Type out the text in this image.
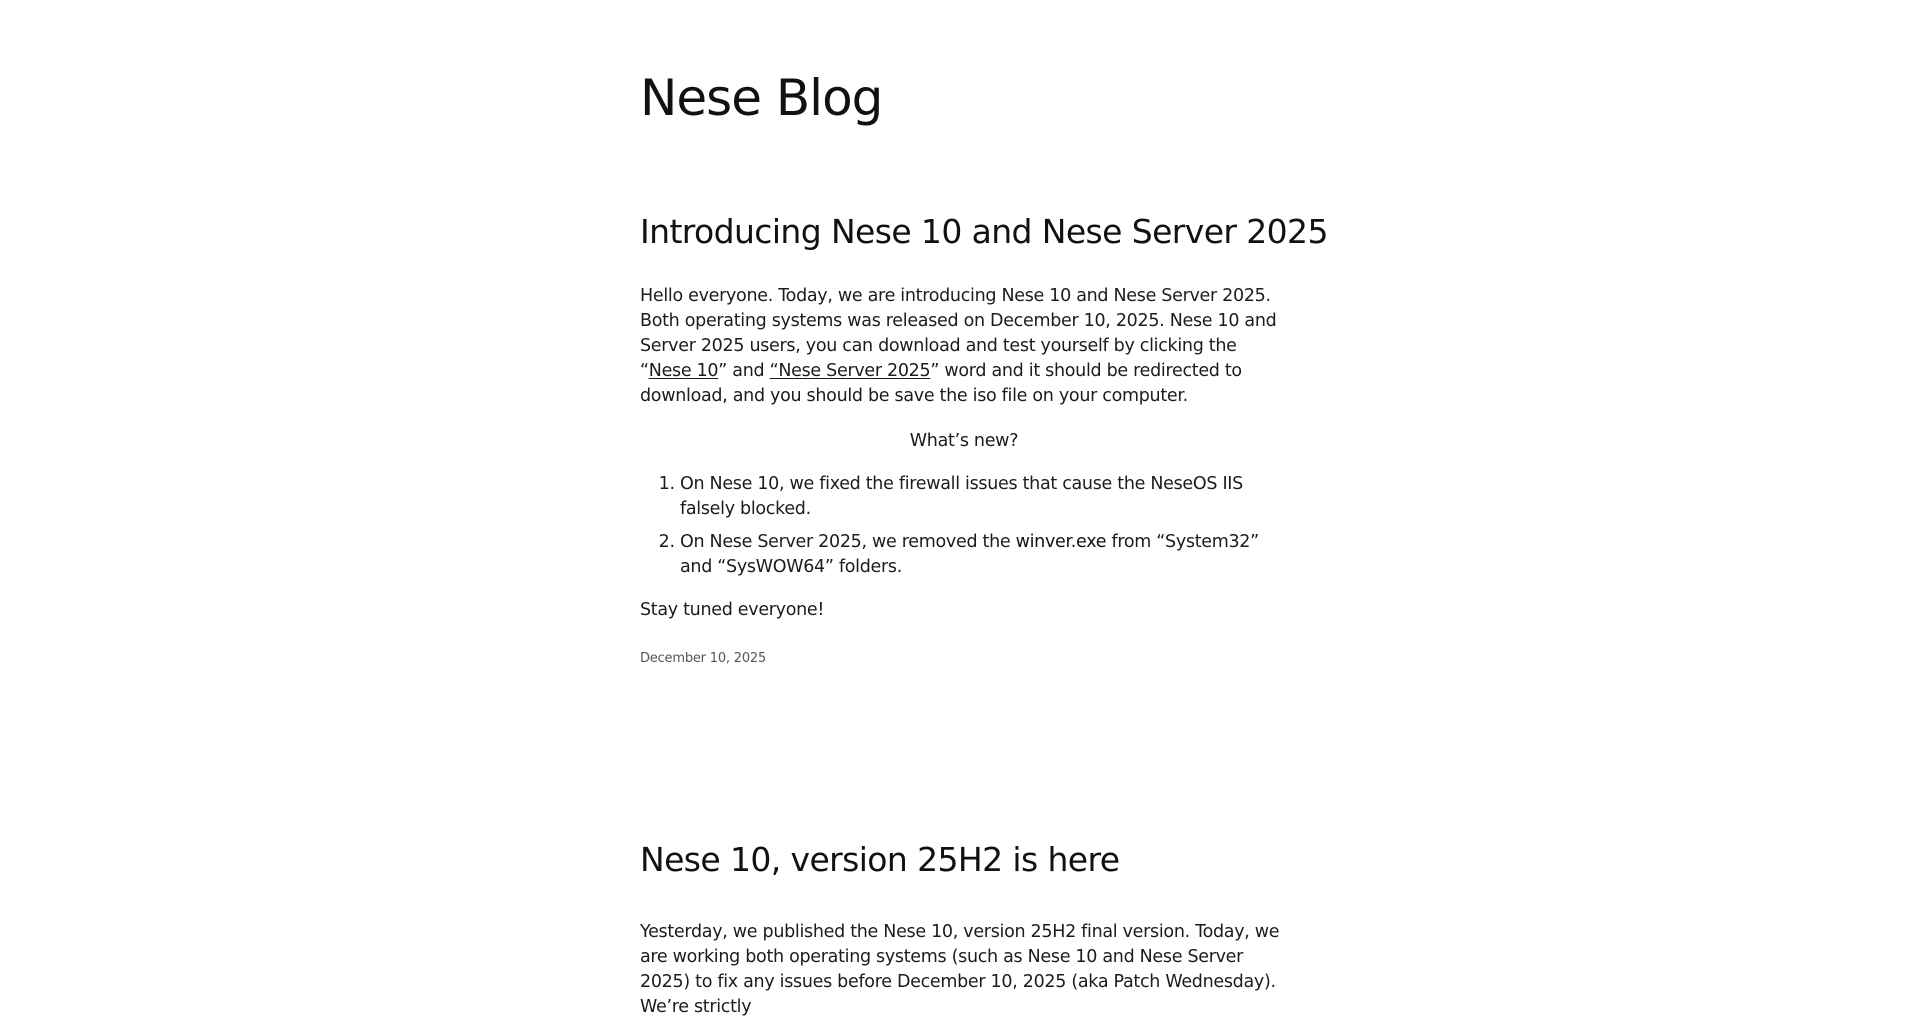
Nese Blog
Introducing Nese 10 and Nese Server 2025

Hello everyone. Today, we are introducing Nese 10 and Nese Server 2025. Both operating systems was released on December 10, 2025. Nese 10 and Server 2025 users, you can download and test yourself by clicking the “Nese 10” and “Nese Server 2025” word and it should be redirected to download, and you should be save the iso file on your computer.

What’s new?

1. On Nese 10, we fixed the firewall issues that cause the NeseOS IIS falsely blocked.
2. On Nese Server 2025, we removed the winver.exe from “System32” and “SysWOW64” folders.

Stay tuned everyone!

December 10, 2025
Nese 10, version 25H2 is here

Yesterday, we published the Nese 10, version 25H2 final version. Today, we are working both operating systems (such as Nese 10 and Nese Server 2025) to fix any issues before December 10, 2025 (aka Patch Wednesday). We’re strictly
